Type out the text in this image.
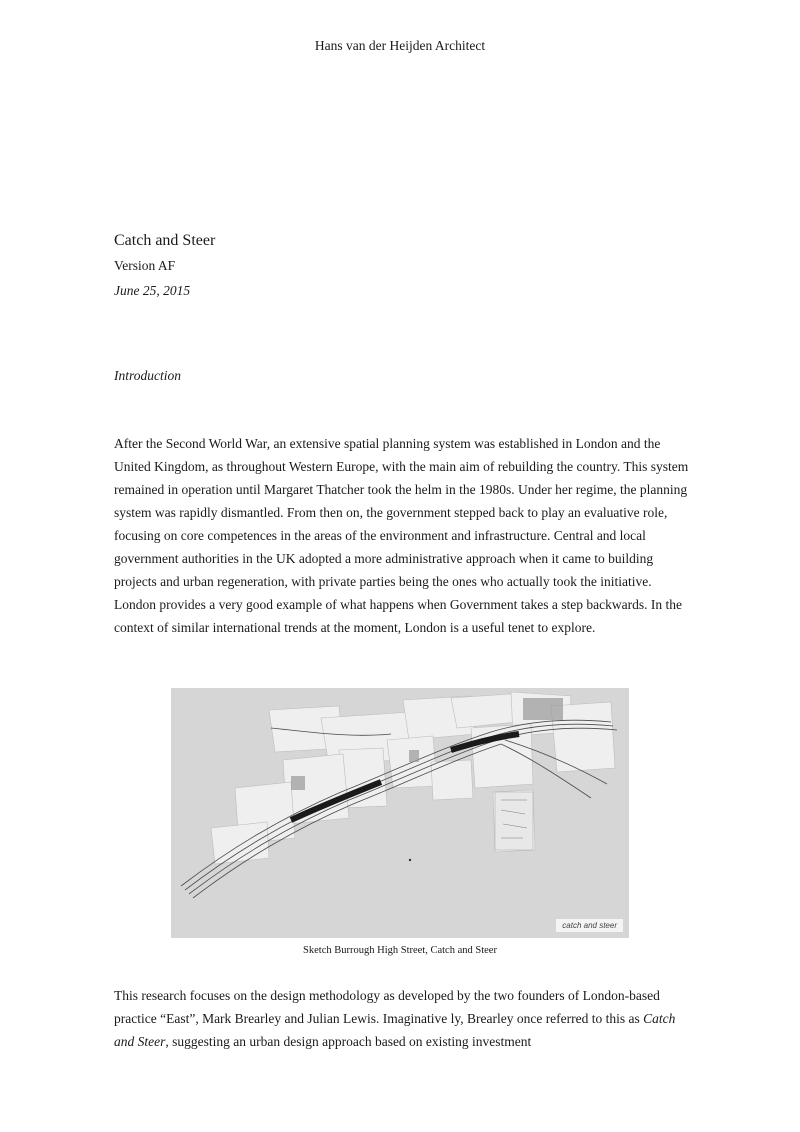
Hans van der Heijden Architect
Catch and Steer
Version AF
June 25, 2015
Introduction

After the Second World War, an extensive spatial planning system was established in London and the United Kingdom, as throughout Western Europe, with the main aim of rebuilding the country. This system remained in operation until Margaret Thatcher took the helm in the 1980s. Under her regime, the planning system was rapidly dismantled. From then on, the government stepped back to play an evaluative role, focusing on core competences in the areas of the environment and infrastructure. Central and local government authorities in the UK adopted a more administrative approach when it came to building projects and urban regeneration, with private parties being the ones who actually took the initiative. London provides a very good example of what happens when Government takes a step backwards. In the context of similar international trends at the moment, London is a useful tenet to explore.

catch and steer
Sketch Burrough High Street, Catch and Steer

This research focuses on the design methodology as developed by the two founders of London-based practice “East”, Mark Brearley and Julian Lewis. Imaginative ly, Brearley once referred to this as Catch and Steer, suggesting an urban design approach based on existing investment
